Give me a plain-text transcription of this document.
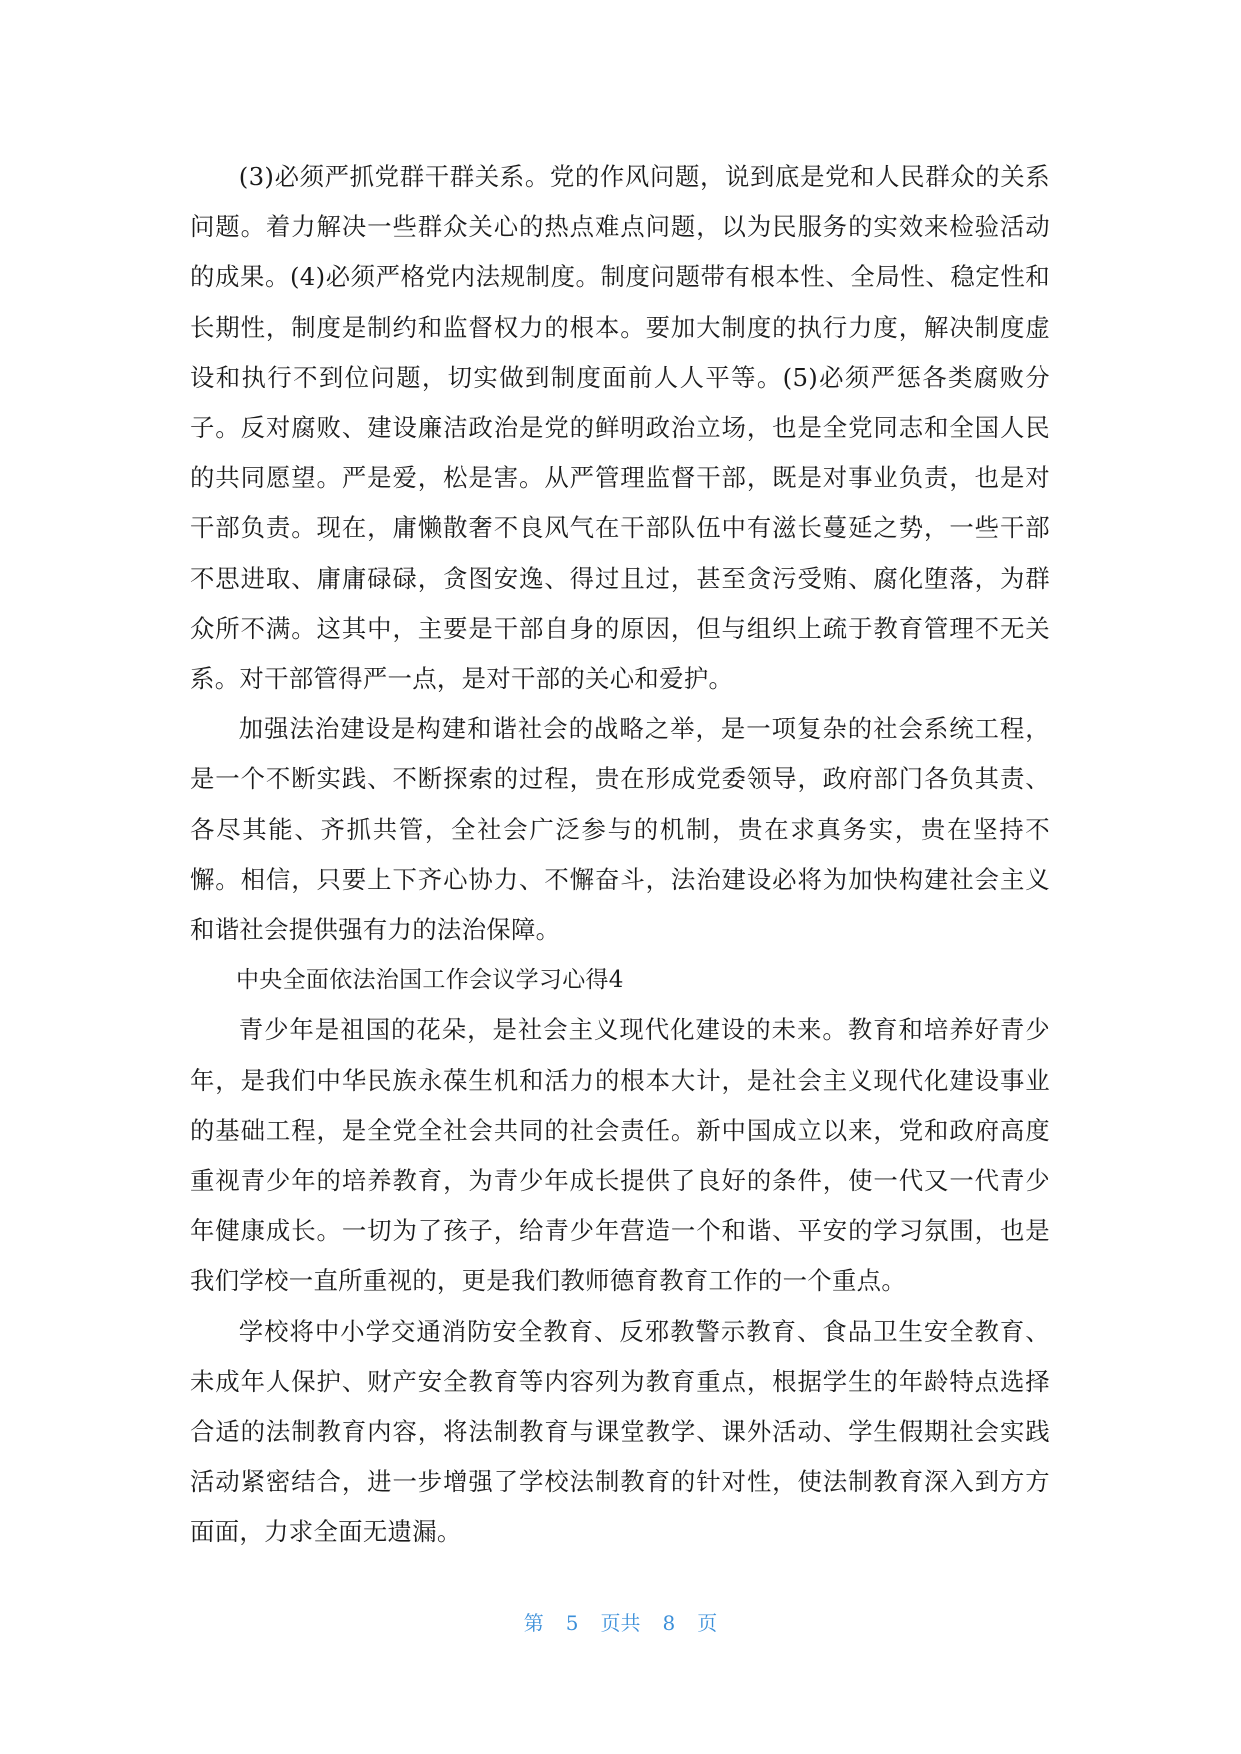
(3)必须严抓党群干群关系。党的作风问题，说到底是党和人民群众的关系问题。着力解决一些群众关心的热点难点问题，以为民服务的实效来检验活动的成果。(4)必须严格党内法规制度。制度问题带有根本性、全局性、稳定性和长期性，制度是制约和监督权力的根本。要加大制度的执行力度，解决制度虚设和执行不到位问题，切实做到制度面前人人平等。(5)必须严惩各类腐败分子。反对腐败、建设廉洁政治是党的鲜明政治立场，也是全党同志和全国人民的共同愿望。严是爱，松是害。从严管理监督干部，既是对事业负责，也是对干部负责。现在，庸懒散奢不良风气在干部队伍中有滋长蔓延之势，一些干部不思进取、庸庸碌碌，贪图安逸、得过且过，甚至贪污受贿、腐化堕落，为群众所不满。这其中，主要是干部自身的原因，但与组织上疏于教育管理不无关系。对干部管得严一点，是对干部的关心和爱护。

加强法治建设是构建和谐社会的战略之举，是一项复杂的社会系统工程，是一个不断实践、不断探索的过程，贵在形成党委领导，政府部门各负其责、各尽其能、齐抓共管，全社会广泛参与的机制，贵在求真务实，贵在坚持不懈。相信，只要上下齐心协力、不懈奋斗，法治建设必将为加快构建社会主义和谐社会提供强有力的法治保障。

中央全面依法治国工作会议学习心得4

青少年是祖国的花朵，是社会主义现代化建设的未来。教育和培养好青少年，是我们中华民族永葆生机和活力的根本大计，是社会主义现代化建设事业的基础工程，是全党全社会共同的社会责任。新中国成立以来，党和政府高度重视青少年的培养教育，为青少年成长提供了良好的条件，使一代又一代青少年健康成长。一切为了孩子，给青少年营造一个和谐、平安的学习氛围，也是我们学校一直所重视的，更是我们教师德育教育工作的一个重点。

学校将中小学交通消防安全教育、反邪教警示教育、食品卫生安全教育、未成年人保护、财产安全教育等内容列为教育重点，根据学生的年龄特点选择合适的法制教育内容，将法制教育与课堂教学、课外活动、学生假期社会实践活动紧密结合，进一步增强了学校法制教育的针对性，使法制教育深入到方方面面，力求全面无遗漏。

第 5 页共 8 页
